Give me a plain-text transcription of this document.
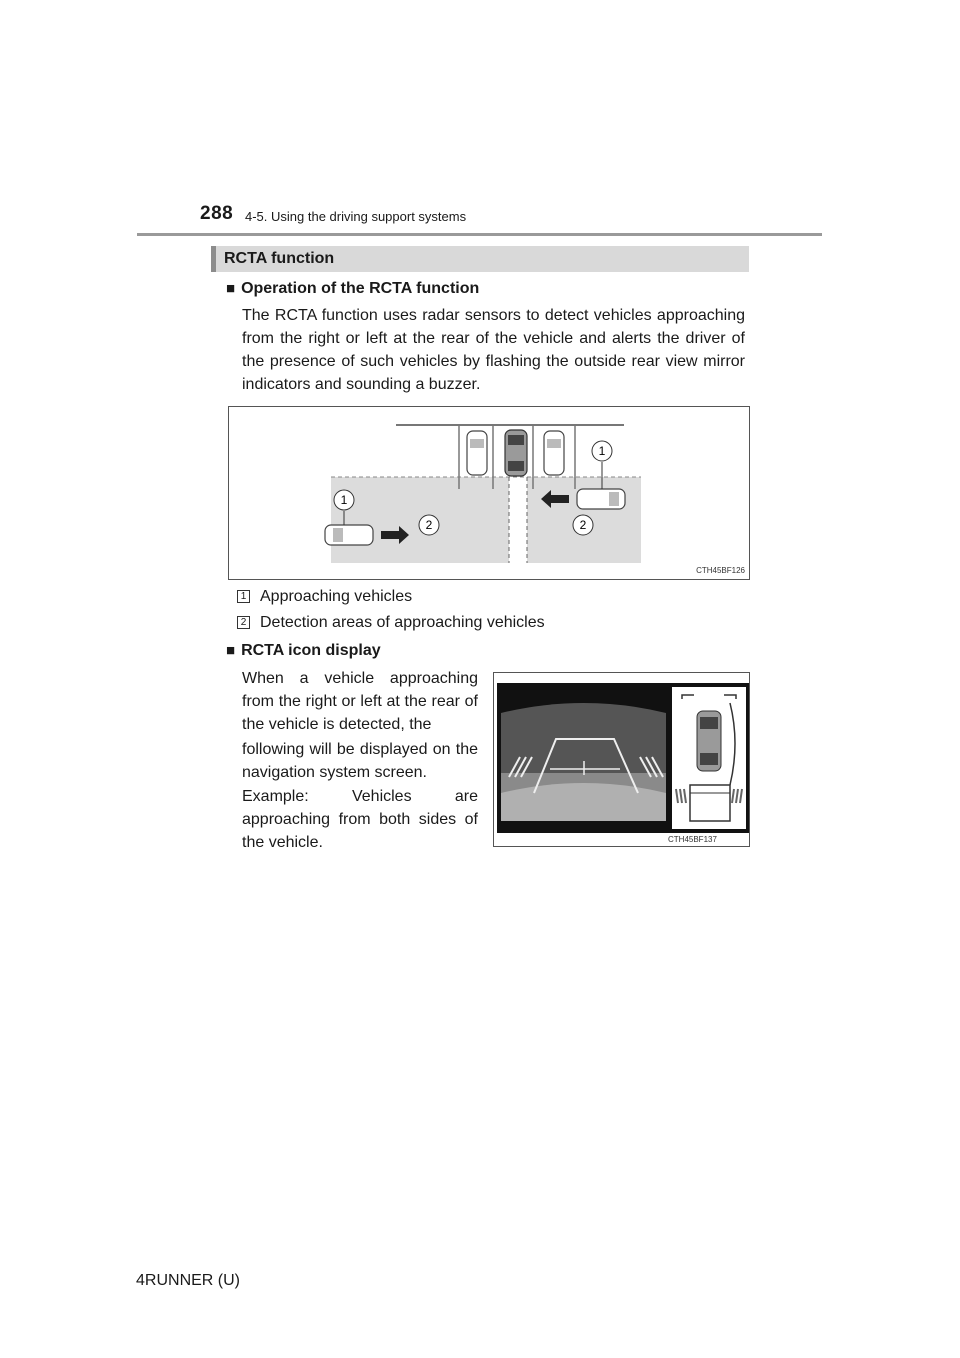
288 4-5. Using the driving support systems
RCTA function
■ Operation of the RCTA function
The RCTA function uses radar sensors to detect vehicles approaching from the right or left at the rear of the vehicle and alerts the driver of the presence of such vehicles by flashing the outside rear view mirror indicators and sounding a buzzer.
1
1
2	2
CTH45BF126
1 Approaching vehicles
2 Detection areas of approaching vehicles
■ RCTA icon display
When a vehicle approaching from the right or left at the rear of the vehicle is detected, the
following will be displayed on the navigation system screen.
Example: Vehicles are approaching from both sides of the vehicle.	CTH45BF137
4RUNNER (U)
